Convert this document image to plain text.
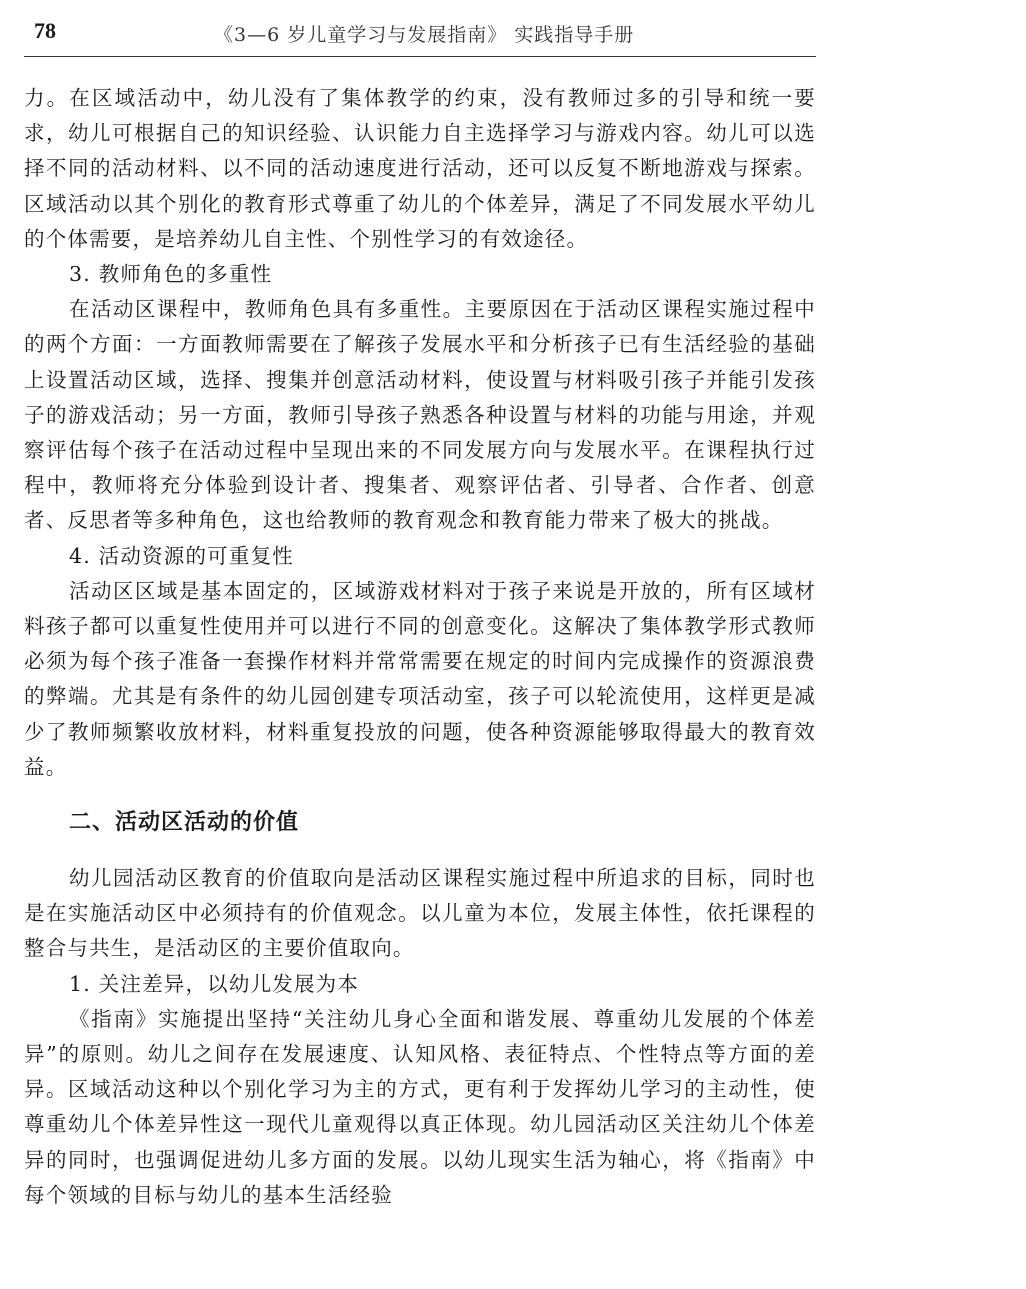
78	《3—6 岁儿童学习与发展指南》 实践指导手册

力。在区域活动中，幼儿没有了集体教学的约束，没有教师过多的引导和统一要求，幼儿可根据自己的知识经验、认识能力自主选择学习与游戏内容。幼儿可以选择不同的活动材料、以不同的活动速度进行活动，还可以反复不断地游戏与探索。区域活动以其个别化的教育形式尊重了幼儿的个体差异，满足了不同发展水平幼儿的个体需要，是培养幼儿自主性、个别性学习的有效途径。

3. 教师角色的多重性

在活动区课程中，教师角色具有多重性。主要原因在于活动区课程实施过程中的两个方面：一方面教师需要在了解孩子发展水平和分析孩子已有生活经验的基础上设置活动区域，选择、搜集并创意活动材料，使设置与材料吸引孩子并能引发孩子的游戏活动；另一方面，教师引导孩子熟悉各种设置与材料的功能与用途，并观察评估每个孩子在活动过程中呈现出来的不同发展方向与发展水平。在课程执行过程中，教师将充分体验到设计者、搜集者、观察评估者、引导者、合作者、创意者、反思者等多种角色，这也给教师的教育观念和教育能力带来了极大的挑战。

4. 活动资源的可重复性

活动区区域是基本固定的，区域游戏材料对于孩子来说是开放的，所有区域材料孩子都可以重复性使用并可以进行不同的创意变化。这解决了集体教学形式教师必须为每个孩子准备一套操作材料并常常需要在规定的时间内完成操作的资源浪费的弊端。尤其是有条件的幼儿园创建专项活动室，孩子可以轮流使用，这样更是减少了教师频繁收放材料，材料重复投放的问题，使各种资源能够取得最大的教育效益。

二、活动区活动的价值

幼儿园活动区教育的价值取向是活动区课程实施过程中所追求的目标，同时也是在实施活动区中必须持有的价值观念。以儿童为本位，发展主体性，依托课程的整合与共生，是活动区的主要价值取向。

1. 关注差异，以幼儿发展为本

《指南》实施提出坚持“关注幼儿身心全面和谐发展、尊重幼儿发展的个体差异”的原则。幼儿之间存在发展速度、认知风格、表征特点、个性特点等方面的差异。区域活动这种以个别化学习为主的方式，更有利于发挥幼儿学习的主动性，使尊重幼儿个体差异性这一现代儿童观得以真正体现。幼儿园活动区关注幼儿个体差异的同时，也强调促进幼儿多方面的发展。以幼儿现实生活为轴心，将《指南》中每个领域的目标与幼儿的基本生活经验
